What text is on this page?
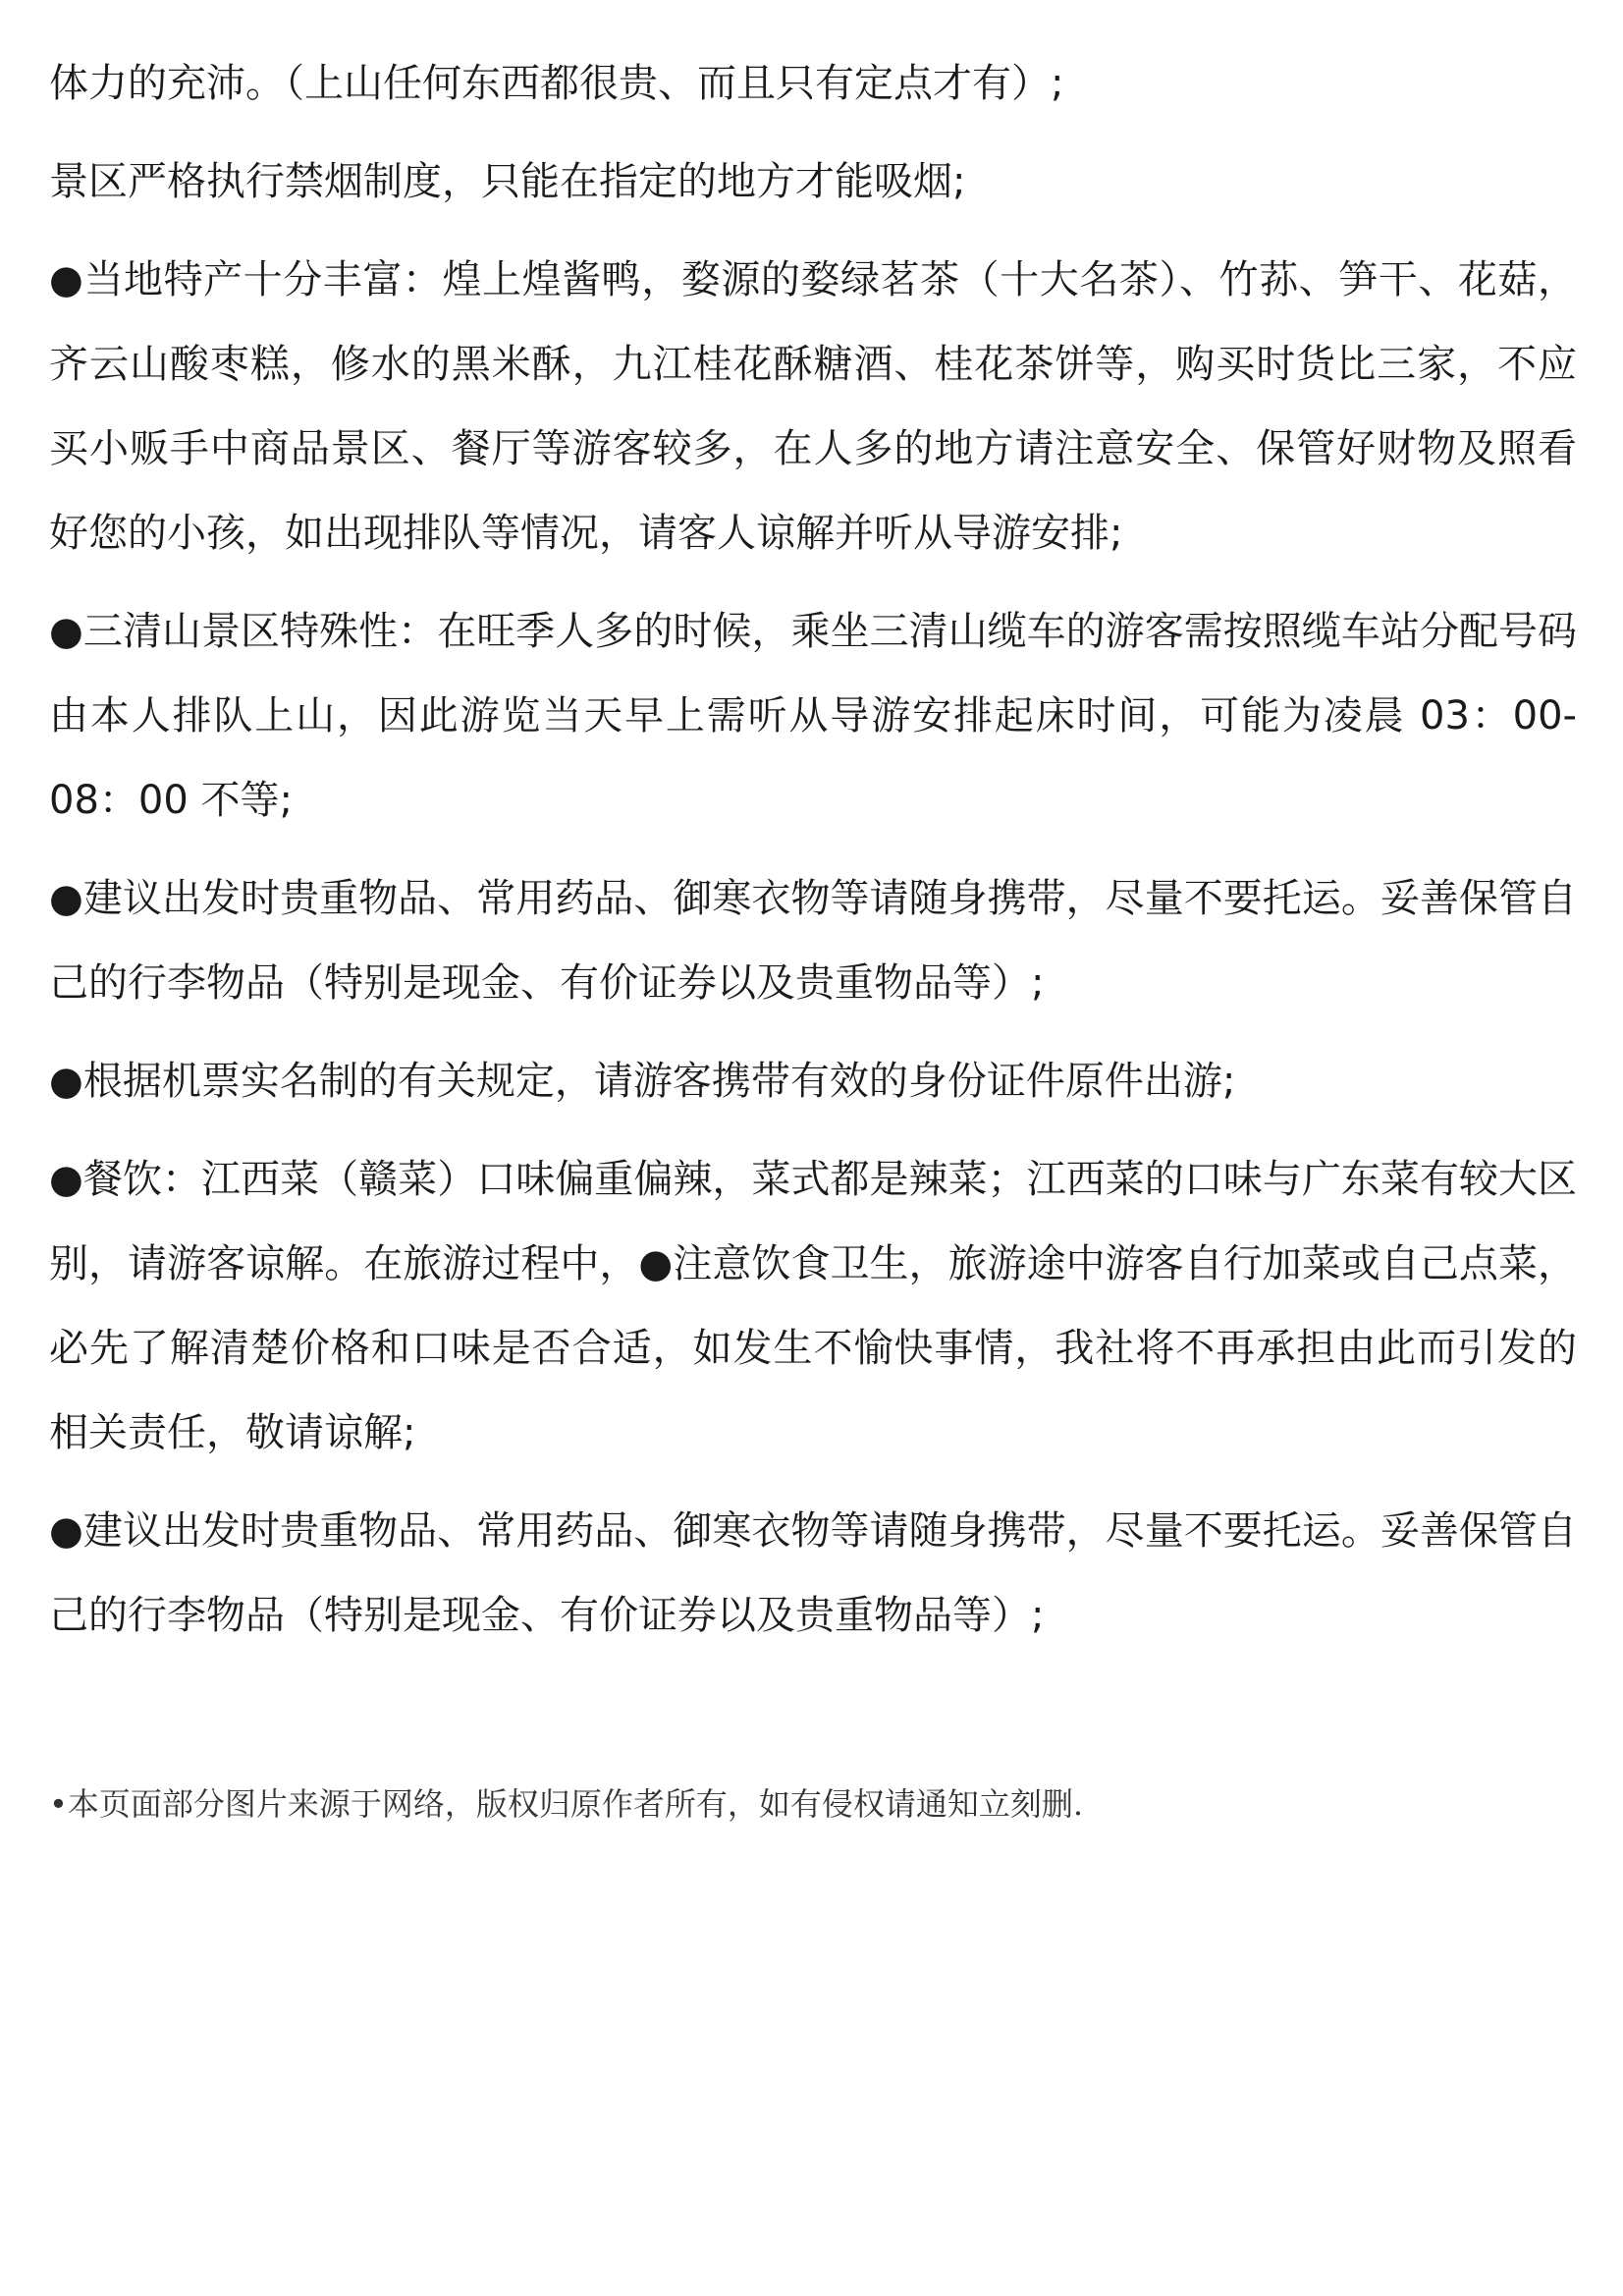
体力的充沛。（上山任何东西都很贵、而且只有定点才有）;

景区严格执行禁烟制度，只能在指定的地方才能吸烟;

●当地特产十分丰富：煌上煌酱鸭，婺源的婺绿茗茶（十大名茶）、竹荪、笋干、花菇，齐云山酸枣糕，修水的黑米酥，九江桂花酥糖酒、桂花茶饼等，购买时货比三家，不应买小贩手中商品景区、餐厅等游客较多，在人多的地方请注意安全、保管好财物及照看好您的小孩，如出现排队等情况，请客人谅解并听从导游安排;

●三清山景区特殊性：在旺季人多的时候，乘坐三清山缆车的游客需按照缆车站分配号码由本人排队上山，因此游览当天早上需听从导游安排起床时间，可能为凌晨 03：00-08：00 不等;

●建议出发时贵重物品、常用药品、御寒衣物等请随身携带，尽量不要托运。妥善保管自己的行李物品（特别是现金、有价证券以及贵重物品等）;

●根据机票实名制的有关规定，请游客携带有效的身份证件原件出游;

●餐饮：江西菜（赣菜）口味偏重偏辣，菜式都是辣菜；江西菜的口味与广东菜有较大区别，请游客谅解。在旅游过程中，●注意饮食卫生，旅游途中游客自行加菜或自己点菜，必先了解清楚价格和口味是否合适，如发生不愉快事情，我社将不再承担由此而引发的相关责任，敬请谅解;

●建议出发时贵重物品、常用药品、御寒衣物等请随身携带，尽量不要托运。妥善保管自己的行李物品（特别是现金、有价证券以及贵重物品等）;

•本页面部分图片来源于网络，版权归原作者所有，如有侵权请通知立刻删.
